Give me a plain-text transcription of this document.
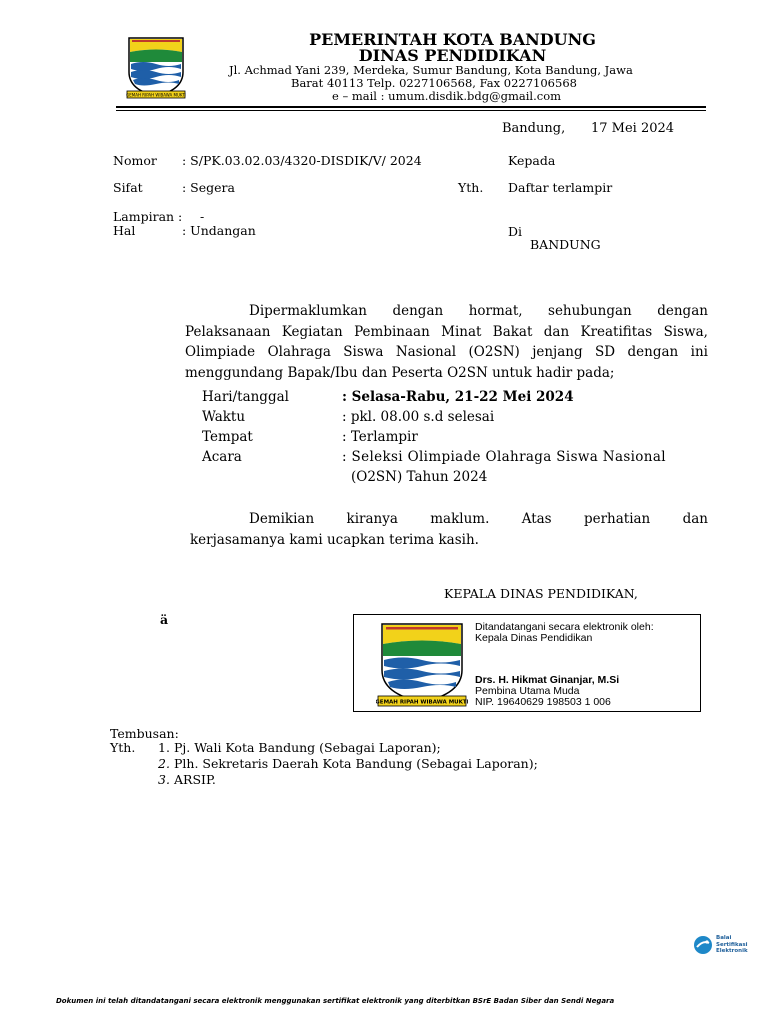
GEMAH RIPAH WIBAWA MUKTI
PEMERINTAH KOTA BANDUNG
DINAS PENDIDIKAN
Jl. Achmad Yani 239, Merdeka, Sumur Bandung, Kota Bandung, Jawa
Barat 40113 Telp. 0227106568, Fax 0227106568
e – mail : umum.disdik.bdg@gmail.com
Bandung, 17 Mei 2024
Nomor : S/PK.03.02.03/4320-DISDIK/V/ 2024
Sifat	: Segera
Lampiran : -
Hal	: Undangan
Kepada
Yth. Daftar terlampir
Di
BANDUNG
Dipermaklumkan dengan hormat, sehubungan dengan
Pelaksanaan Kegiatan Pembinaan Minat Bakat dan Kreatifitas Siswa,
Olimpiade Olahraga Siswa Nasional (O2SN) jenjang SD dengan ini
menggundang Bapak/Ibu dan Peserta O2SN untuk hadir pada;
Hari/tanggal	: Selasa-Rabu, 21-22 Mei 2024
Waktu	: pkl. 08.00 s.d selesai
Tempat	: Terlampir
Acara	: Seleksi Olimpiade Olahraga Siswa Nasional
(O2SN) Tahun 2024
Demikian kiranya maklum. Atas perhatian dan
kerjasamanya kami ucapkan terima kasih.
KEPALA DINAS PENDIDIKAN,
ä
GEMAH RIPAH WIBAWA MUKTI
Ditandatangani secara elektronik oleh:
Kepala Dinas Pendidikan
Drs. H. Hikmat Ginanjar, M.Si
Pembina Utama Muda
NIP. 19640629 198503 1 006
Tembusan:
Yth. 1. Pj. Wali Kota Bandung (Sebagai Laporan);
2. Plh. Sekretaris Daerah Kota Bandung (Sebagai Laporan);
3. ARSIP.
Balai
Sertifikasi
Elektronik
Dokumen ini telah ditandatangani secara elektronik menggunakan sertifikat elektronik yang diterbitkan BSrE Badan Siber dan Sendi Negara
